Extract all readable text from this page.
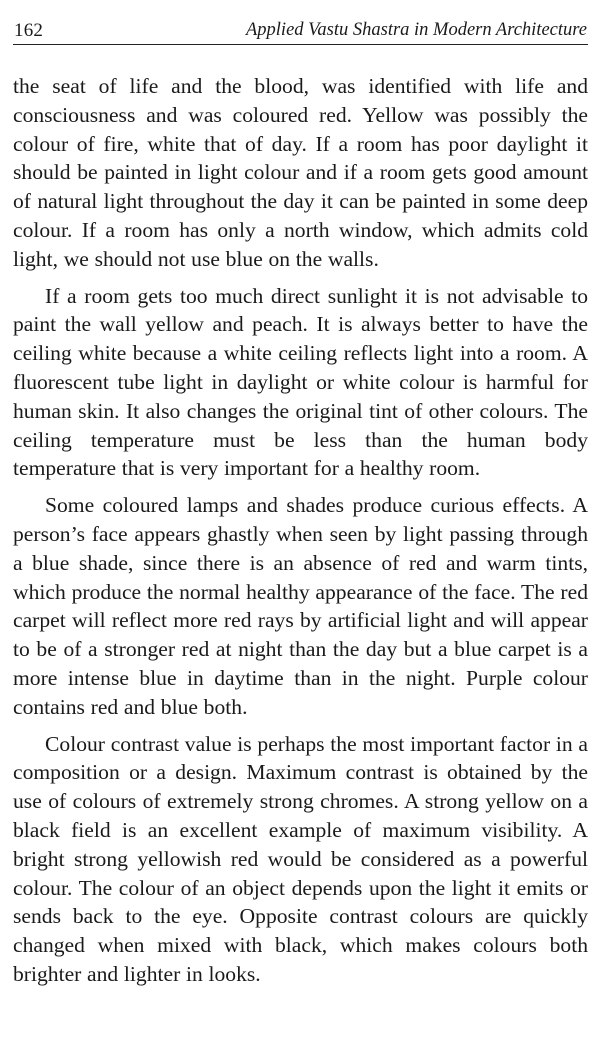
162	Applied Vastu Shastra in Modern Architecture

the seat of life and the blood, was identified with life and consciousness and was coloured red. Yellow was possibly the colour of fire, white that of day. If a room has poor daylight it should be painted in light colour and if a room gets good amount of natural light throughout the day it can be painted in some deep colour. If a room has only a north window, which admits cold light, we should not use blue on the walls.

If a room gets too much direct sunlight it is not advisable to paint the wall yellow and peach. It is always better to have the ceiling white because a white ceiling reflects light into a room. A fluorescent tube light in daylight or white colour is harmful for human skin. It also changes the original tint of other colours. The ceiling temperature must be less than the human body temperature that is very important for a healthy room.

Some coloured lamps and shades produce curious effects. A person’s face appears ghastly when seen by light passing through a blue shade, since there is an absence of red and warm tints, which produce the normal healthy appearance of the face. The red carpet will reflect more red rays by artificial light and will appear to be of a stronger red at night than the day but a blue carpet is a more intense blue in daytime than in the night. Purple colour contains red and blue both.

Colour contrast value is perhaps the most important factor in a composition or a design. Maximum contrast is obtained by the use of colours of extremely strong chromes. A strong yellow on a black field is an excellent example of maximum visibility. A bright strong yellowish red would be considered as a powerful colour. The colour of an object depends upon the light it emits or sends back to the eye. Opposite contrast colours are quickly changed when mixed with black, which makes colours both brighter and lighter in looks.
